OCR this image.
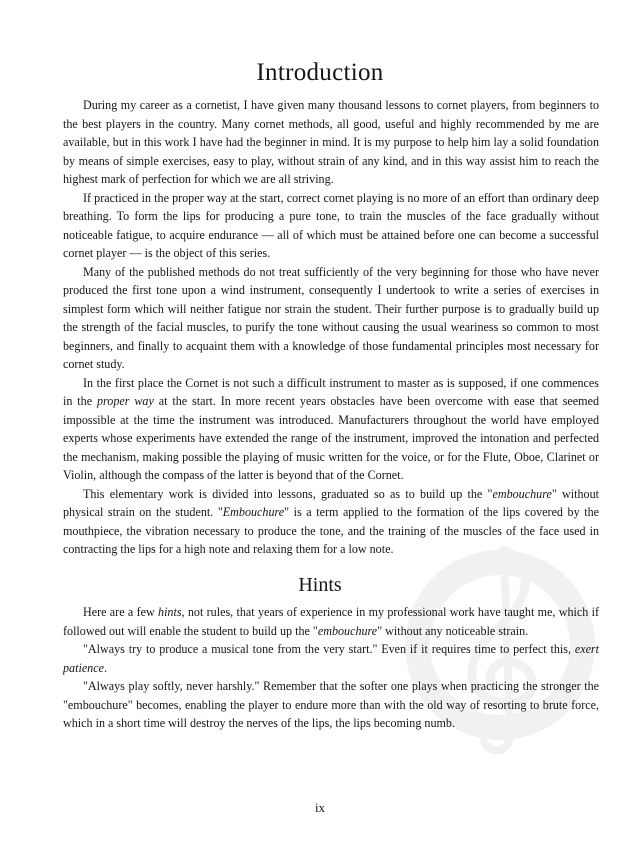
Introduction

During my career as a cornetist, I have given many thousand lessons to cornet players, from beginners to the best players in the country. Many cornet methods, all good, useful and highly recommended by me are available, but in this work I have had the beginner in mind. It is my purpose to help him lay a solid foundation by means of simple exercises, easy to play, without strain of any kind, and in this way assist him to reach the highest mark of perfection for which we are all striving.

If practiced in the proper way at the start, correct cornet playing is no more of an effort than ordinary deep breathing. To form the lips for producing a pure tone, to train the muscles of the face gradually without noticeable fatigue, to acquire endurance — all of which must be attained before one can become a successful cornet player — is the object of this series.

Many of the published methods do not treat sufficiently of the very beginning for those who have never produced the first tone upon a wind instrument, consequently I undertook to write a series of exercises in simplest form which will neither fatigue nor strain the student. Their further purpose is to gradually build up the strength of the facial muscles, to purify the tone without causing the usual weariness so common to most beginners, and finally to acquaint them with a knowledge of those fundamental principles most necessary for cornet study.

In the first place the Cornet is not such a difficult instrument to master as is supposed, if one commences in the proper way at the start. In more recent years obstacles have been overcome with ease that seemed impossible at the time the instrument was introduced. Manufacturers throughout the world have employed experts whose experiments have extended the range of the instrument, improved the intonation and perfected the mechanism, making possible the playing of music written for the voice, or for the Flute, Oboe, Clarinet or Violin, although the compass of the latter is beyond that of the Cornet.

This elementary work is divided into lessons, graduated so as to build up the "embouchure" without physical strain on the student. "Embouchure" is a term applied to the formation of the lips covered by the mouthpiece, the vibration necessary to produce the tone, and the training of the muscles of the face used in contracting the lips for a high note and relaxing them for a low note.

Hints

Here are a few hints, not rules, that years of experience in my professional work have taught me, which if followed out will enable the student to build up the "embouchure" without any noticeable strain.

"Always try to produce a musical tone from the very start." Even if it requires time to perfect this, exert patience.

"Always play softly, never harshly." Remember that the softer one plays when practicing the stronger the "embouchure" becomes, enabling the player to endure more than with the old way of resorting to brute force, which in a short time will destroy the nerves of the lips, the lips becoming numb.

ix
